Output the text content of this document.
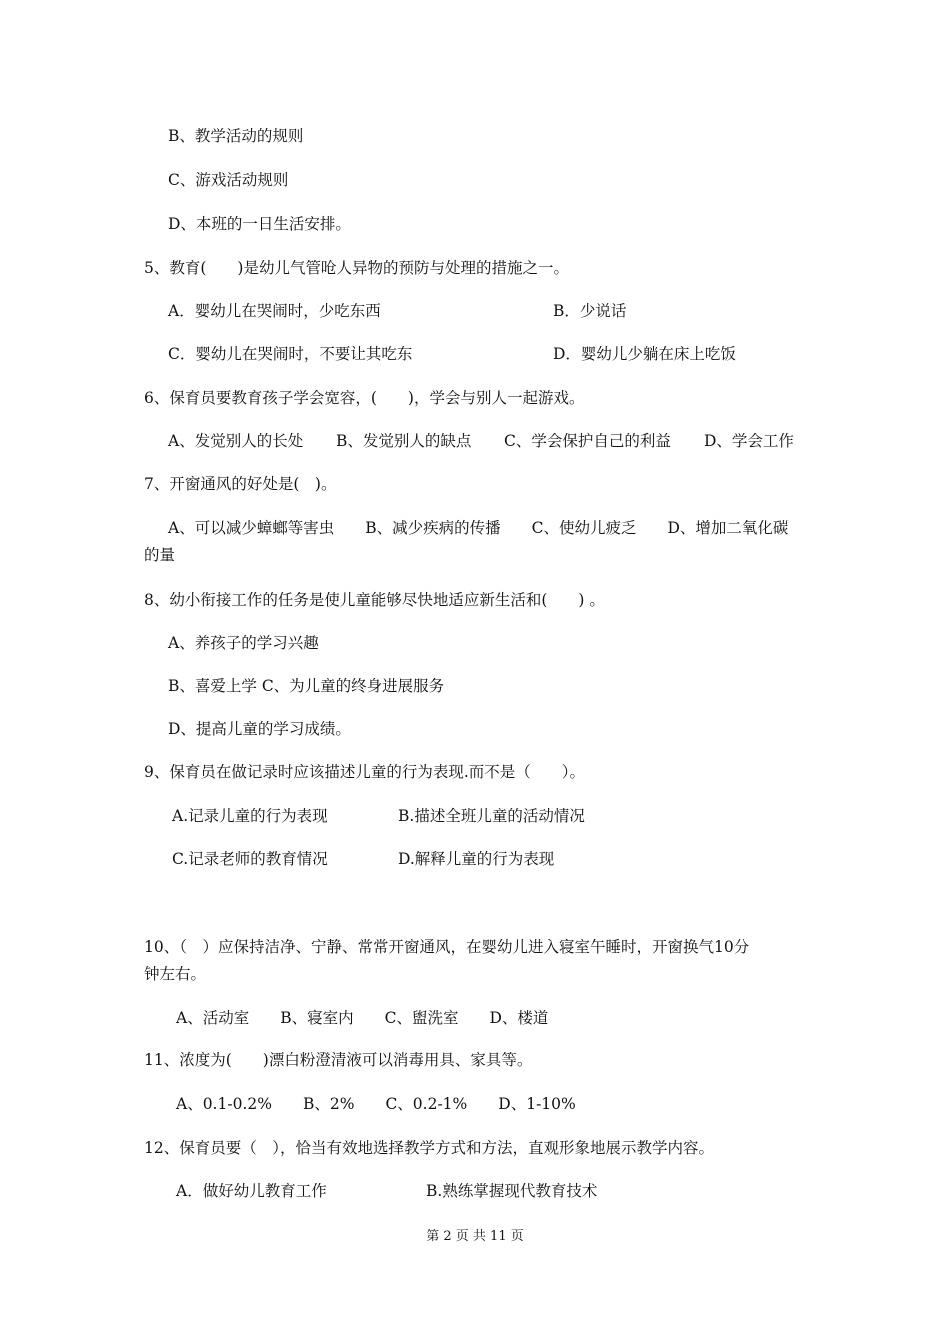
B、教学活动的规则
C、游戏活动规则
D、本班的一日生活安排。
5、教育(　　)是幼儿气管呛人异物的预防与处理的措施之一。
A．婴幼儿在哭闹时，少吃东西	B．少说话
C．婴幼儿在哭闹时，不要让其吃东	D．婴幼儿少躺在床上吃饭
6、保育员要教育孩子学会宽容，(　　)，学会与别人一起游戏。
A、发觉别人的长处 B、发觉别人的缺点 C、学会保护自己的利益 D、学会工作
7、开窗通风的好处是(　)。
A、可以减少蟑螂等害虫　　B、减少疾病的传播　　C、使幼儿疲乏　　D、增加二氧化碳
的量
8、幼小衔接工作的任务是使儿童能够尽快地适应新生活和(　　) 。
A、养孩子的学习兴趣
B、喜爱上学 C、为儿童的终身进展服务
D、提高儿童的学习成绩。
9、保育员在做记录时应该描述儿童的行为表现.而不是（　　）。
A.记录儿童的行为表现	B.描述全班儿童的活动情况
C.记录老师的教育情况	D.解释儿童的行为表现
10、（　）应保持洁净、宁静、常常开窗通风，在婴幼儿进入寝室午睡时，开窗换气10分
钟左右。
A、活动室　　B、寝室内　　C、盥洗室　　D、楼道
11、浓度为(　　)漂白粉澄清液可以消毒用具、家具等。
A、0.1-0.2%　　B、2%　　C、0.2-1%　　D、1-10%
12、保育员要（　），恰当有效地选择教学方式和方法，直观形象地展示教学内容。
A．做好幼儿教育工作	B.熟练掌握现代教育技术
第 2 页 共 11 页
